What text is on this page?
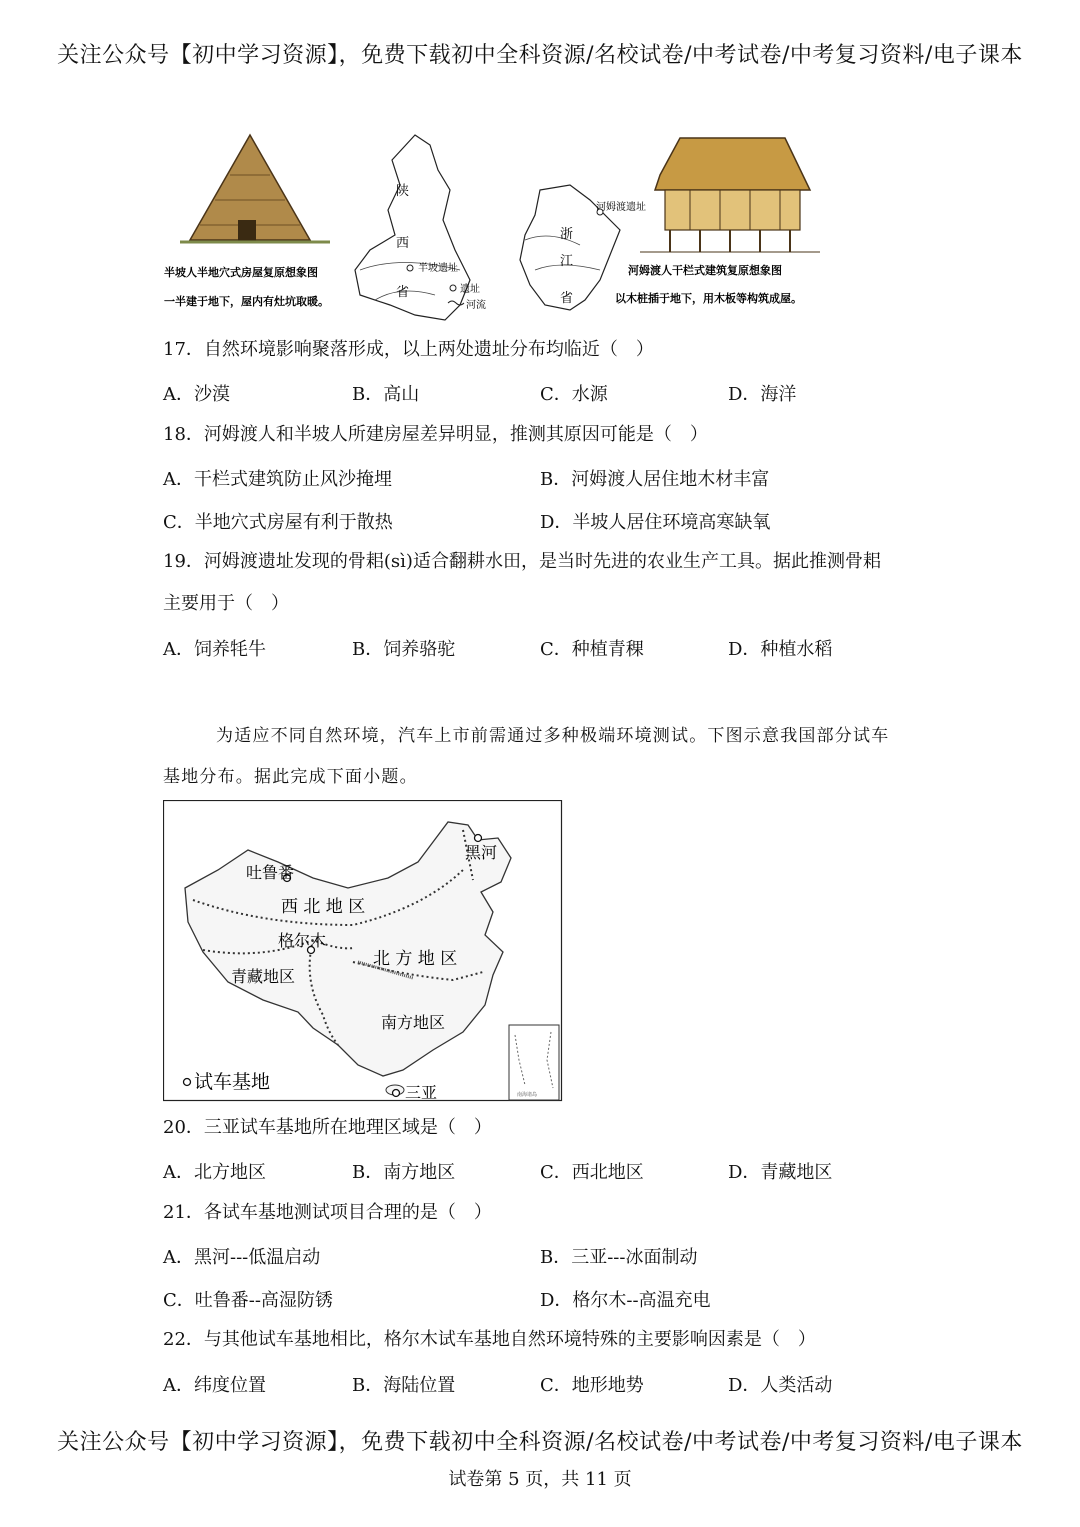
关注公众号【初中学习资源】，免费下载初中全科资源/名校试卷/中考试卷/中考复习资料/电子课本
半坡人半地穴式房屋复原想象图
一半建于地下，屋内有灶坑取暖。
陕
西
省
半坡遗址
遗址
河流
浙
江
省
河姆渡遗址
河姆渡人干栏式建筑复原想象图
以木桩插于地下，用木板等构筑成屋。
17．自然环境影响聚落形成，以上两处遗址分布均临近（　）
A．沙漠	B．高山	C．水源	D．海洋
18．河姆渡人和半坡人所建房屋差异明显，推测其原因可能是（　）
A．干栏式建筑防止风沙掩埋	B．河姆渡人居住地木材丰富
C．半地穴式房屋有利于散热	D．半坡人居住环境高寒缺氧
19．河姆渡遗址发现的骨耜(sì)适合翻耕水田，是当时先进的农业生产工具。据此推测骨耜
主要用于（　）
A．饲养牦牛	B．饲养骆驼	C．种植青稞	D．种植水稻
为适应不同自然环境，汽车上市前需通过多种极端环境测试。下图示意我国部分试车
基地分布。据此完成下面小题。
黑河
吐鲁番
西 北 地 区
格尔木
北 方 地 区
青藏地区
南方地区
三亚
试车基地
南海诸岛
20．三亚试车基地所在地理区域是（　）
A．北方地区	B．南方地区	C．西北地区	D．青藏地区
21．各试车基地测试项目合理的是（　）
A．黑河---低温启动	B．三亚---冰面制动
C．吐鲁番--高湿防锈	D．格尔木--高温充电
22．与其他试车基地相比，格尔木试车基地自然环境特殊的主要影响因素是（　）
A．纬度位置	B．海陆位置	C．地形地势	D．人类活动
关注公众号【初中学习资源】，免费下载初中全科资源/名校试卷/中考试卷/中考复习资料/电子课本
试卷第 5 页，共 11 页
